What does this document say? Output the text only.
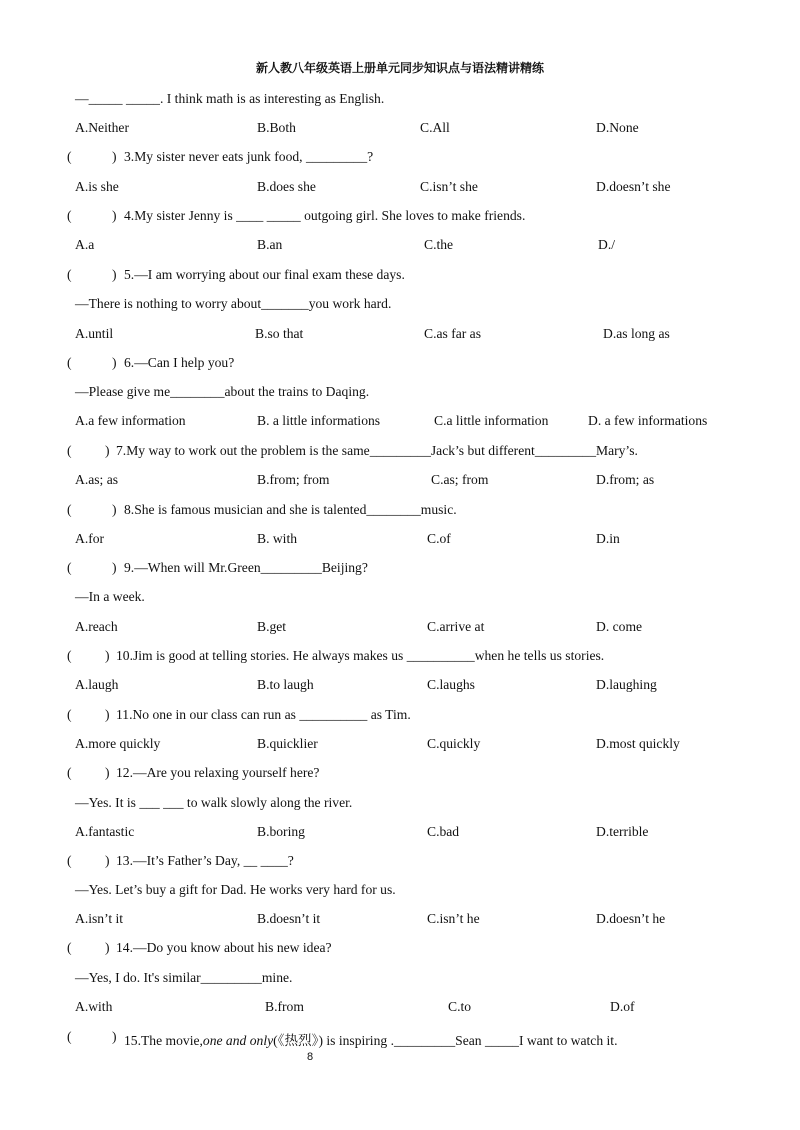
新人教八年级英语上册单元同步知识点与语法精讲精练
—_____ _____. I think math is as interesting as English.
A.Neither	B.Both	C.All	D.None
(	) 3.My sister never eats junk food, _________?
A.is she	B.does she	C.isn’t she	D.doesn’t she
(	) 4.My sister Jenny is ____ _____ outgoing girl. She loves to make friends.
A.a	B.an	C.the	D./
(	) 5.—I am worrying about our final exam these days.
—There is nothing to worry about_______you work hard.
A.until	B.so that	C.as far as	D.as long as
(	) 6.—Can I help you?
—Please give me________about the trains to Daqing.
A.a few information	B. a little informations	C.a little information	D. a few informations
( ) 7.My way to work out the problem is the same_________Jack’s but different_________Mary’s.
A.as; as	B.from; from	C.as; from	D.from; as
(	) 8.She is famous musician and she is talented________music.
A.for	B. with	C.of	D.in
(	) 9.—When will Mr.Green_________Beijing?
—In a week.
A.reach	B.get	C.arrive at	D. come
( ) 10.Jim is good at telling stories. He always makes us __________when he tells us stories.
A.laugh	B.to laugh	C.laughs	D.laughing
( ) 11.No one in our class can run as __________ as Tim.
A.more quickly	B.quicklier	C.quickly	D.most quickly
( ) 12.—Are you relaxing yourself here?
—Yes. It is ___ ___ to walk slowly along the river.
A.fantastic	B.boring	C.bad	D.terrible
( ) 13.—It’s Father’s Day, __ ____?
—Yes. Let’s buy a gift for Dad. He works very hard for us.
A.isn’t it	B.doesn’t it	C.isn’t he	D.doesn’t he
( ) 14.—Do you know about his new idea?
—Yes, I do. It's similar_________mine.
A.with	B.from	C.to	D.of
(	) 15.The movie,one and only(《热烈》) is inspiring ._________Sean _____I want to watch it.
8
